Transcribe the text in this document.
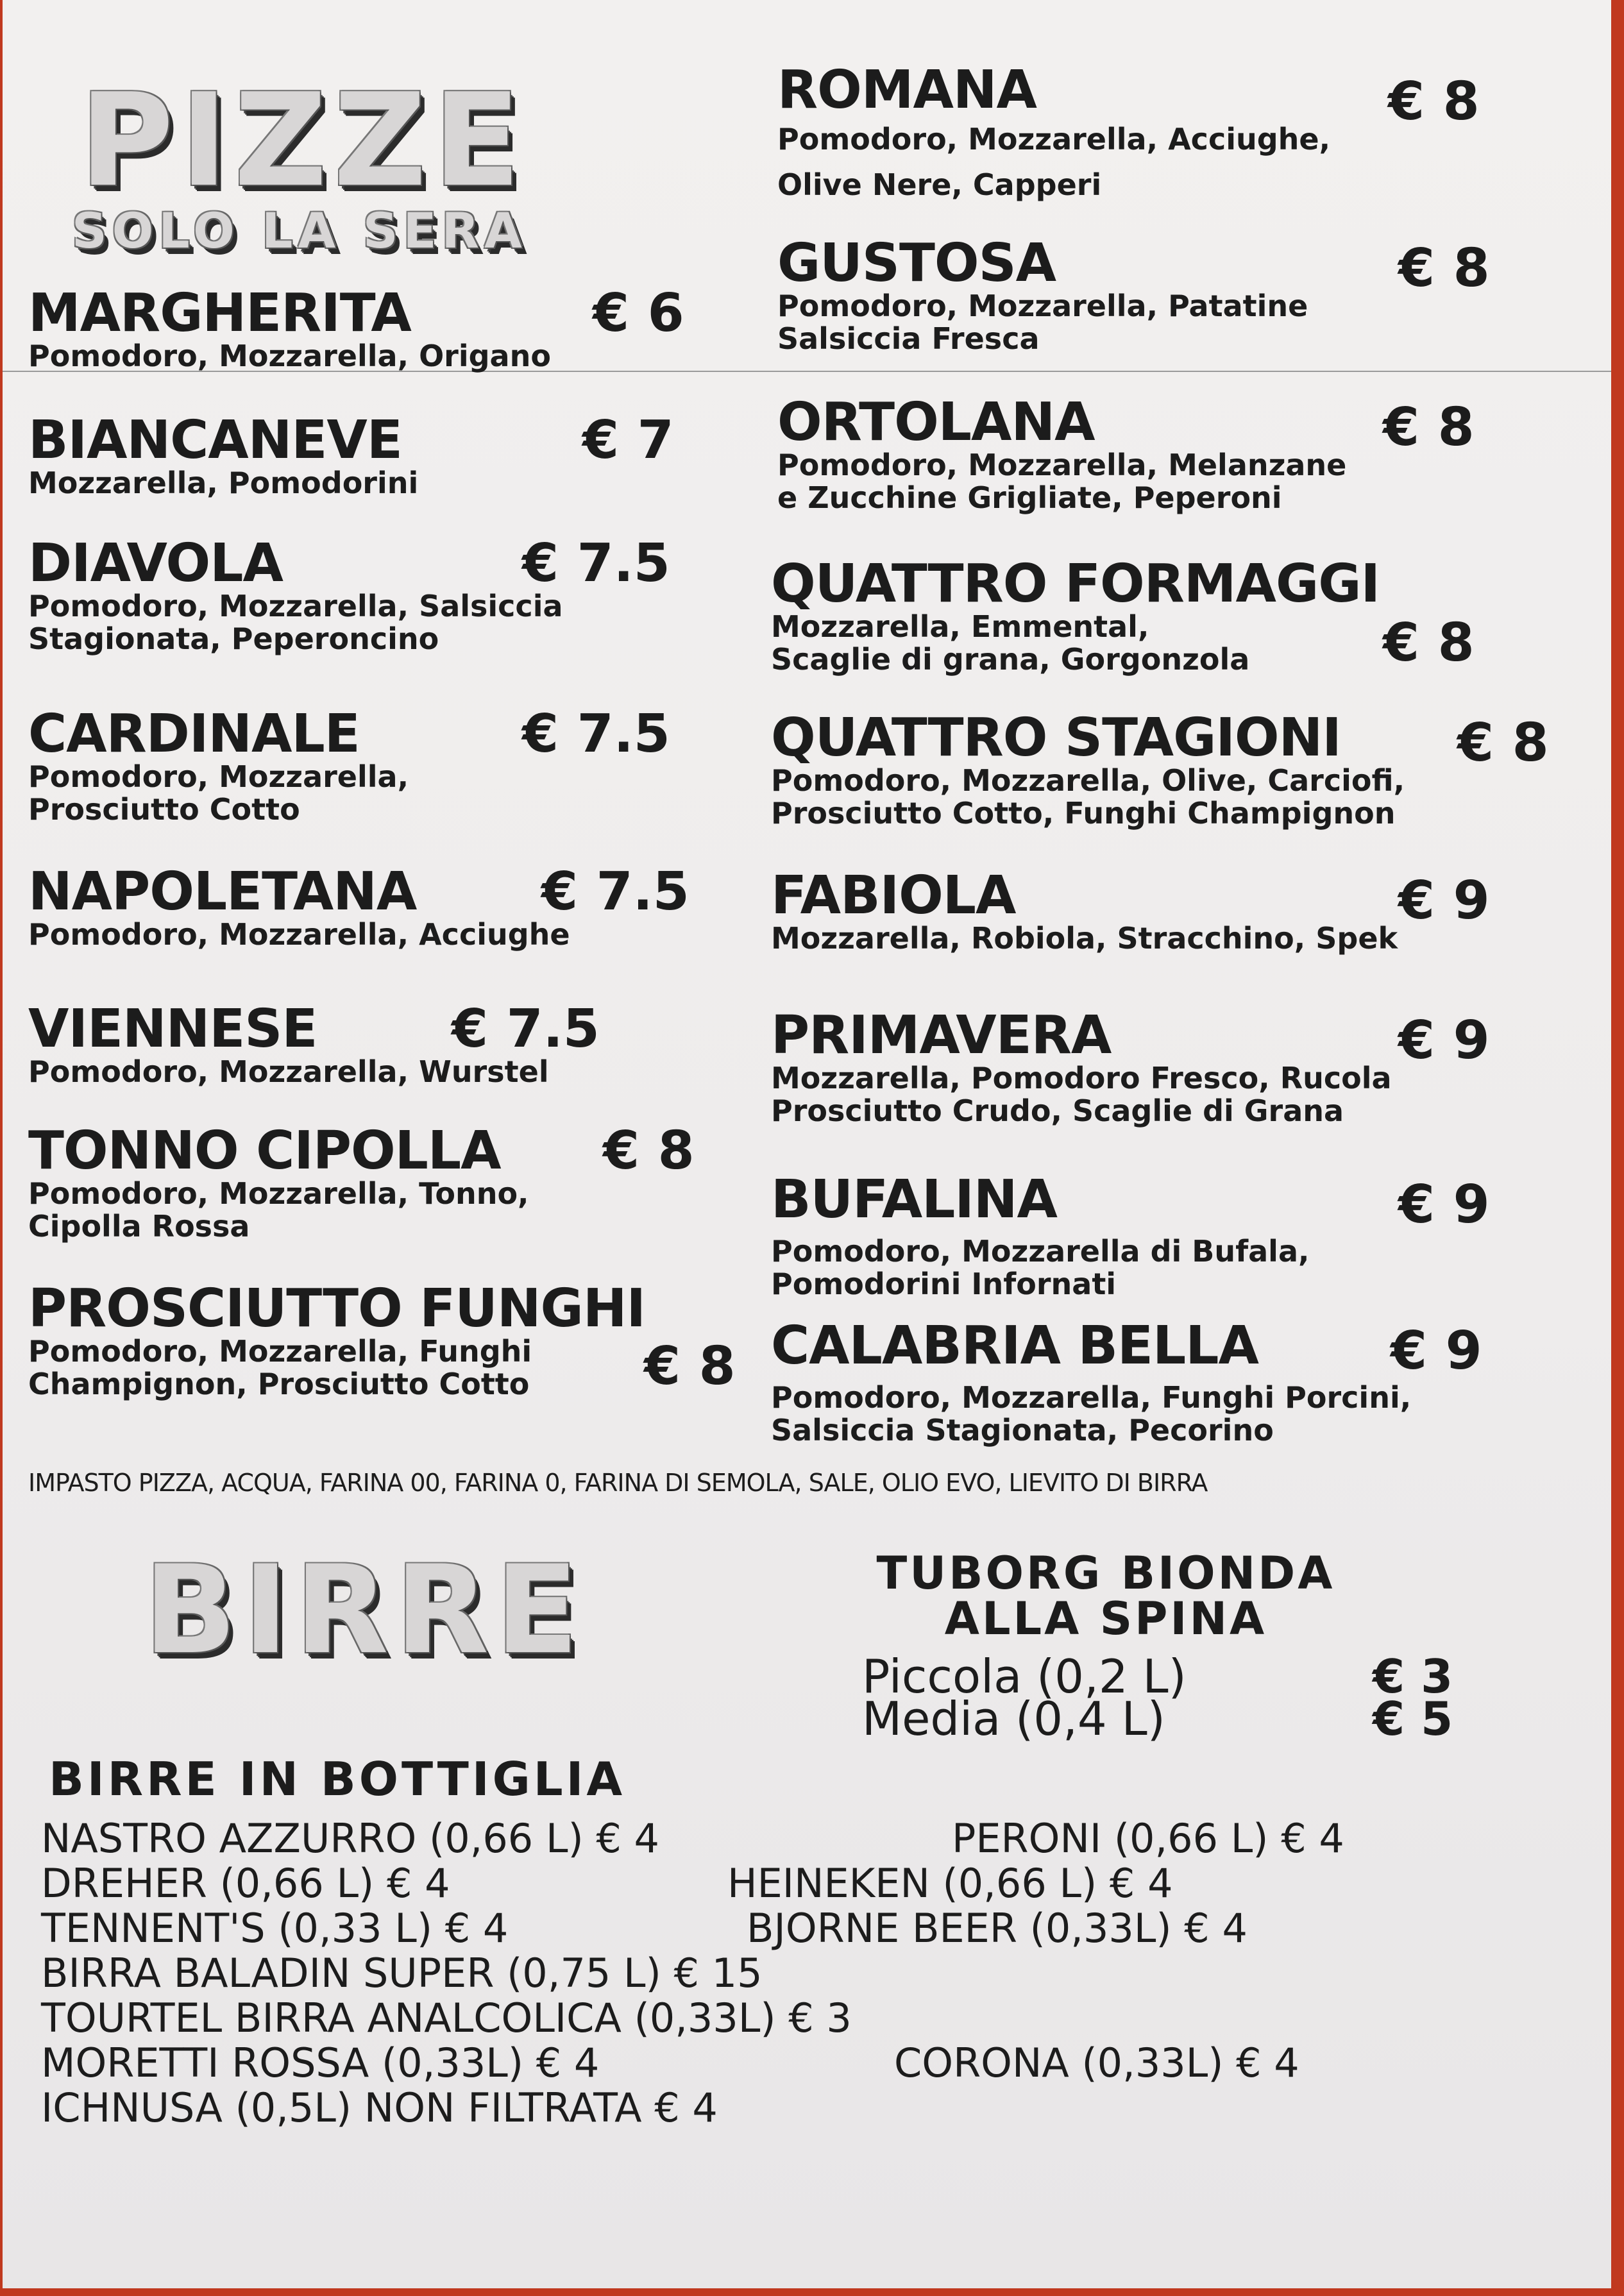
PIZZE
SOLO LA SERA
MARGHERITA
Pomodoro, Mozzarella, Origano
€ 6
BIANCANEVE
Mozzarella, Pomodorini
€ 7
DIAVOLA
Pomodoro, Mozzarella, Salsiccia
Stagionata, Peperoncino
€ 7.5
CARDINALE
Pomodoro, Mozzarella,
Prosciutto Cotto
€ 7.5
NAPOLETANA
Pomodoro, Mozzarella, Acciughe
€ 7.5
VIENNESE
Pomodoro, Mozzarella, Wurstel
€ 7.5
TONNO CIPOLLA
Pomodoro, Mozzarella, Tonno,
Cipolla Rossa
€ 8
PROSCIUTTO FUNGHI
Pomodoro, Mozzarella, Funghi
Champignon, Prosciutto Cotto	€ 8
ROMANA
Pomodoro, Mozzarella, Acciughe,
Olive Nere, Capperi
€ 8
GUSTOSA
Pomodoro, Mozzarella, Patatine
Salsiccia Fresca
€ 8
ORTOLANA
Pomodoro, Mozzarella, Melanzane
e Zucchine Grigliate, Peperoni
€ 8
QUATTRO FORMAGGI
Mozzarella, Emmental,
Scaglie di grana, Gorgonzola	€ 8
QUATTRO STAGIONI
Pomodoro, Mozzarella, Olive, Carciofi,
Prosciutto Cotto, Funghi Champignon
€ 8
FABIOLA
Mozzarella, Robiola, Stracchino, Spek
€ 9
PRIMAVERA
Mozzarella, Pomodoro Fresco, Rucola
Prosciutto Crudo, Scaglie di Grana
€ 9
BUFALINA
Pomodoro, Mozzarella di Bufala,
Pomodorini Infornati
€ 9
CALABRIA BELLA
Pomodoro, Mozzarella, Funghi Porcini,
Salsiccia Stagionata, Pecorino
€ 9
IMPASTO PIZZA, ACQUA, FARINA 00, FARINA 0, FARINA DI SEMOLA, SALE, OLIO EVO, LIEVITO DI BIRRA
BIRRE	TUBORG BIONDA
ALLA SPINA
Piccola (0,2 L)	€ 3
Media (0,4 L)	€ 5
BIRRE IN BOTTIGLIA
NASTRO AZZURRO (0,66 L) € 4	PERONI (0,66 L) € 4
DREHER (0,66 L) € 4	HEINEKEN (0,66 L) € 4
TENNENT'S (0,33 L) € 4	BJORNE BEER (0,33L) € 4
BIRRA BALADIN SUPER (0,75 L) € 15
TOURTEL BIRRA ANALCOLICA (0,33L) € 3
MORETTI ROSSA (0,33L) € 4	CORONA (0,33L) € 4
ICHNUSA (0,5L) NON FILTRATA € 4
